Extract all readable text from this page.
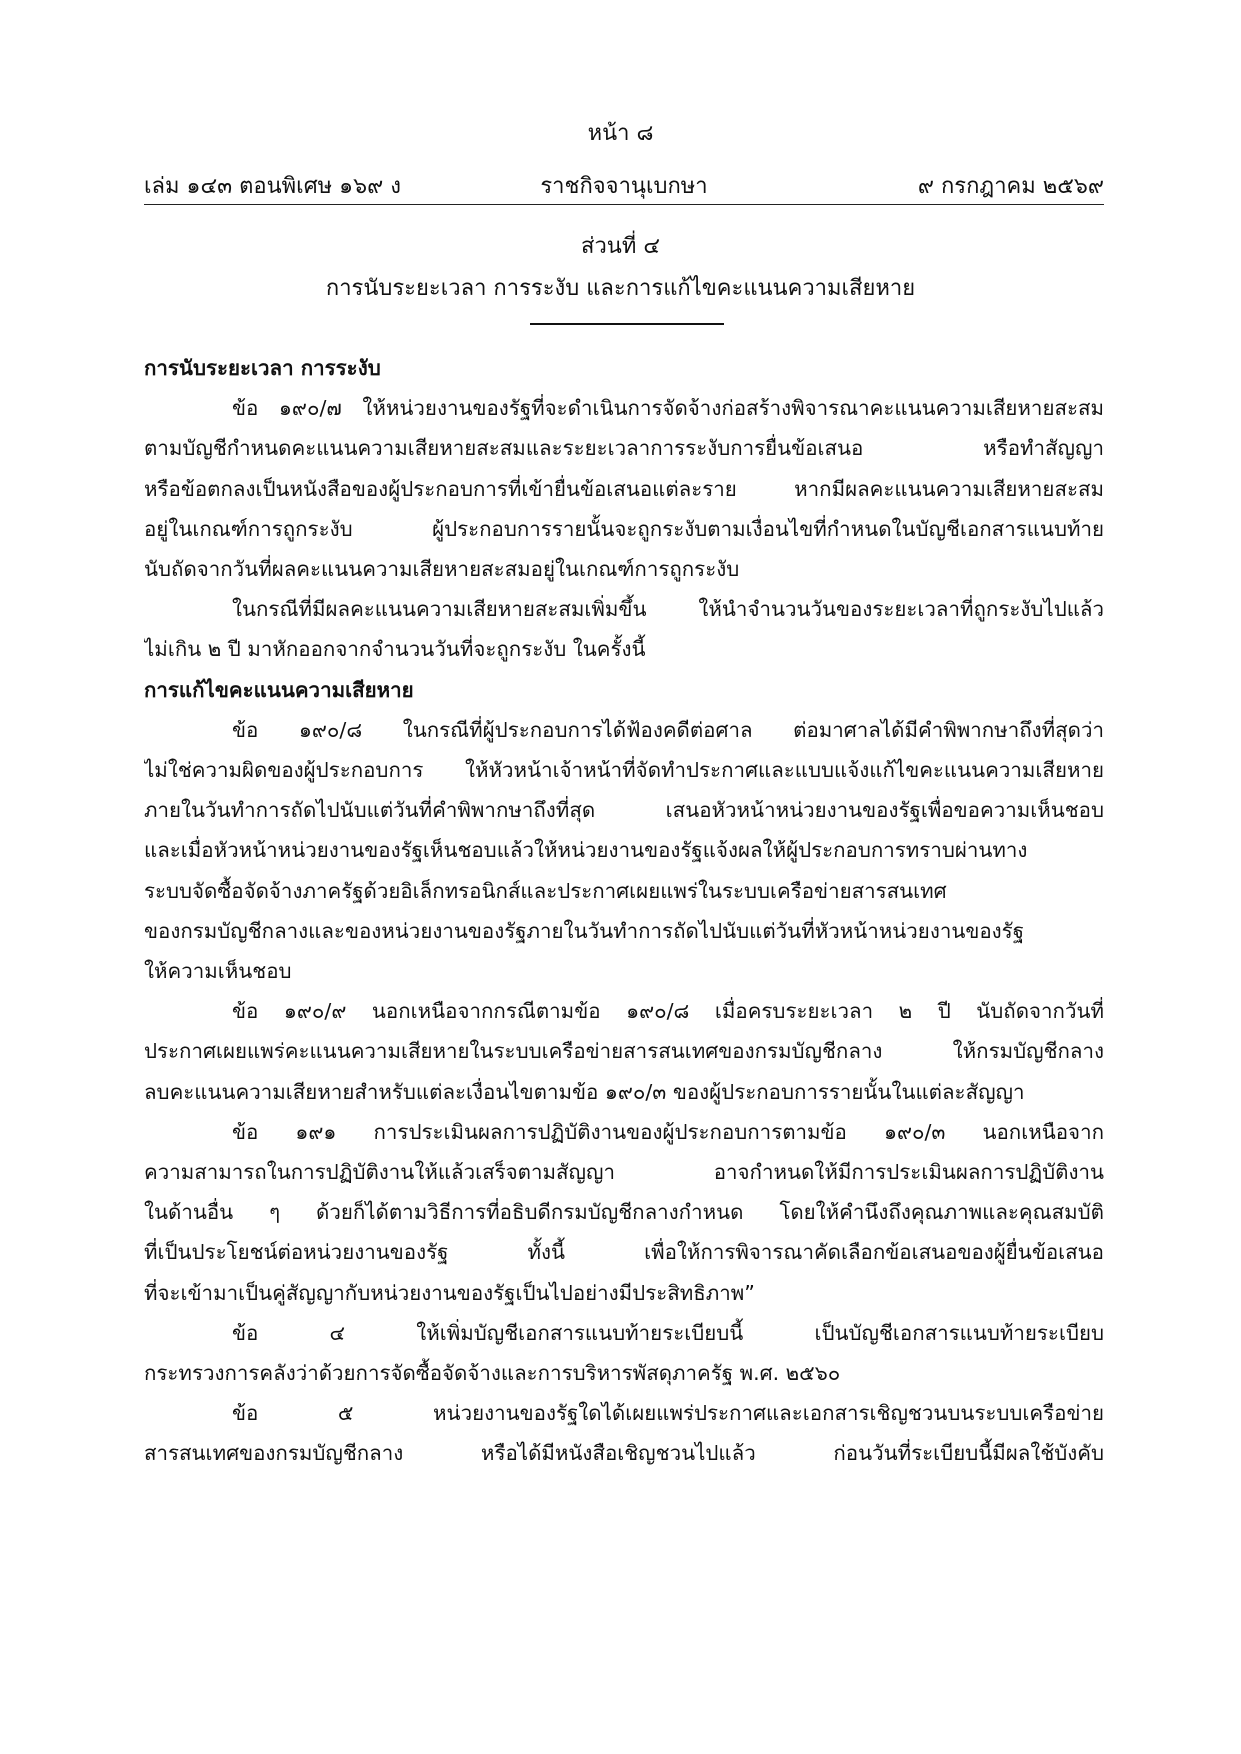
หน้า ๘
เล่ม ๑๔๓ ตอนพิเศษ ๑๖๙ ง	ราชกิจจานุเบกษา	๙ กรกฎาคม ๒๕๖๙
ส่วนที่ ๔
การนับระยะเวลา การระงับ และการแก้ไขคะแนนความเสียหาย

การนับระยะเวลา การระงับ

ข้อ ๑๙๐/๗ ให้หน่วยงานของรัฐที่จะดำเนินการจัดจ้างก่อสร้างพิจารณาคะแนนความเสียหายสะสม

ตามบัญชีกำหนดคะแนนความเสียหายสะสมและระยะเวลาการระงับการยื่นข้อเสนอ หรือทำสัญญา

หรือข้อตกลงเป็นหนังสือของผู้ประกอบการที่เข้ายื่นข้อเสนอแต่ละราย หากมีผลคะแนนความเสียหายสะสม

อยู่ในเกณฑ์การถูกระงับ ผู้ประกอบการรายนั้นจะถูกระงับตามเงื่อนไขที่กำหนดในบัญชีเอกสารแนบท้าย

นับถัดจากวันที่ผลคะแนนความเสียหายสะสมอยู่ในเกณฑ์การถูกระงับ

ในกรณีที่มีผลคะแนนความเสียหายสะสมเพิ่มขึ้น ให้นำจำนวนวันของระยะเวลาที่ถูกระงับไปแล้ว

ไม่เกิน ๒ ปี มาหักออกจากจำนวนวันที่จะถูกระงับ ในครั้งนี้

การแก้ไขคะแนนความเสียหาย

ข้อ ๑๙๐/๘ ในกรณีที่ผู้ประกอบการได้ฟ้องคดีต่อศาล ต่อมาศาลได้มีคำพิพากษาถึงที่สุดว่า

ไม่ใช่ความผิดของผู้ประกอบการ ให้หัวหน้าเจ้าหน้าที่จัดทำประกาศและแบบแจ้งแก้ไขคะแนนความเสียหาย

ภายในวันทำการถัดไปนับแต่วันที่คำพิพากษาถึงที่สุด เสนอหัวหน้าหน่วยงานของรัฐเพื่อขอความเห็นชอบ

และเมื่อหัวหน้าหน่วยงานของรัฐเห็นชอบแล้วให้หน่วยงานของรัฐแจ้งผลให้ผู้ประกอบการทราบผ่านทาง

ระบบจัดซื้อจัดจ้างภาครัฐด้วยอิเล็กทรอนิกส์และประกาศเผยแพร่ในระบบเครือข่ายสารสนเทศ

ของกรมบัญชีกลางและของหน่วยงานของรัฐภายในวันทำการถัดไปนับแต่วันที่หัวหน้าหน่วยงานของรัฐ

ให้ความเห็นชอบ

ข้อ ๑๙๐/๙ นอกเหนือจากกรณีตามข้อ ๑๙๐/๘ เมื่อครบระยะเวลา ๒ ปี นับถัดจากวันที่

ประกาศเผยแพร่คะแนนความเสียหายในระบบเครือข่ายสารสนเทศของกรมบัญชีกลาง ให้กรมบัญชีกลาง

ลบคะแนนความเสียหายสำหรับแต่ละเงื่อนไขตามข้อ ๑๙๐/๓ ของผู้ประกอบการรายนั้นในแต่ละสัญญา

ข้อ ๑๙๑ การประเมินผลการปฏิบัติงานของผู้ประกอบการตามข้อ ๑๙๐/๓ นอกเหนือจาก

ความสามารถในการปฏิบัติงานให้แล้วเสร็จตามสัญญา อาจกำหนดให้มีการประเมินผลการปฏิบัติงาน

ในด้านอื่น ๆ ด้วยก็ได้ตามวิธีการที่อธิบดีกรมบัญชีกลางกำหนด โดยให้คำนึงถึงคุณภาพและคุณสมบัติ

ที่เป็นประโยชน์ต่อหน่วยงานของรัฐ ทั้งนี้ เพื่อให้การพิจารณาคัดเลือกข้อเสนอของผู้ยื่นข้อเสนอ

ที่จะเข้ามาเป็นคู่สัญญากับหน่วยงานของรัฐเป็นไปอย่างมีประสิทธิภาพ”

ข้อ ๔ ให้เพิ่มบัญชีเอกสารแนบท้ายระเบียบนี้ เป็นบัญชีเอกสารแนบท้ายระเบียบ

กระทรวงการคลังว่าด้วยการจัดซื้อจัดจ้างและการบริหารพัสดุภาครัฐ พ.ศ. ๒๕๖๐

ข้อ ๕ หน่วยงานของรัฐใดได้เผยแพร่ประกาศและเอกสารเชิญชวนบนระบบเครือข่าย

สารสนเทศของกรมบัญชีกลาง หรือได้มีหนังสือเชิญชวนไปแล้ว ก่อนวันที่ระเบียบนี้มีผลใช้บังคับ
